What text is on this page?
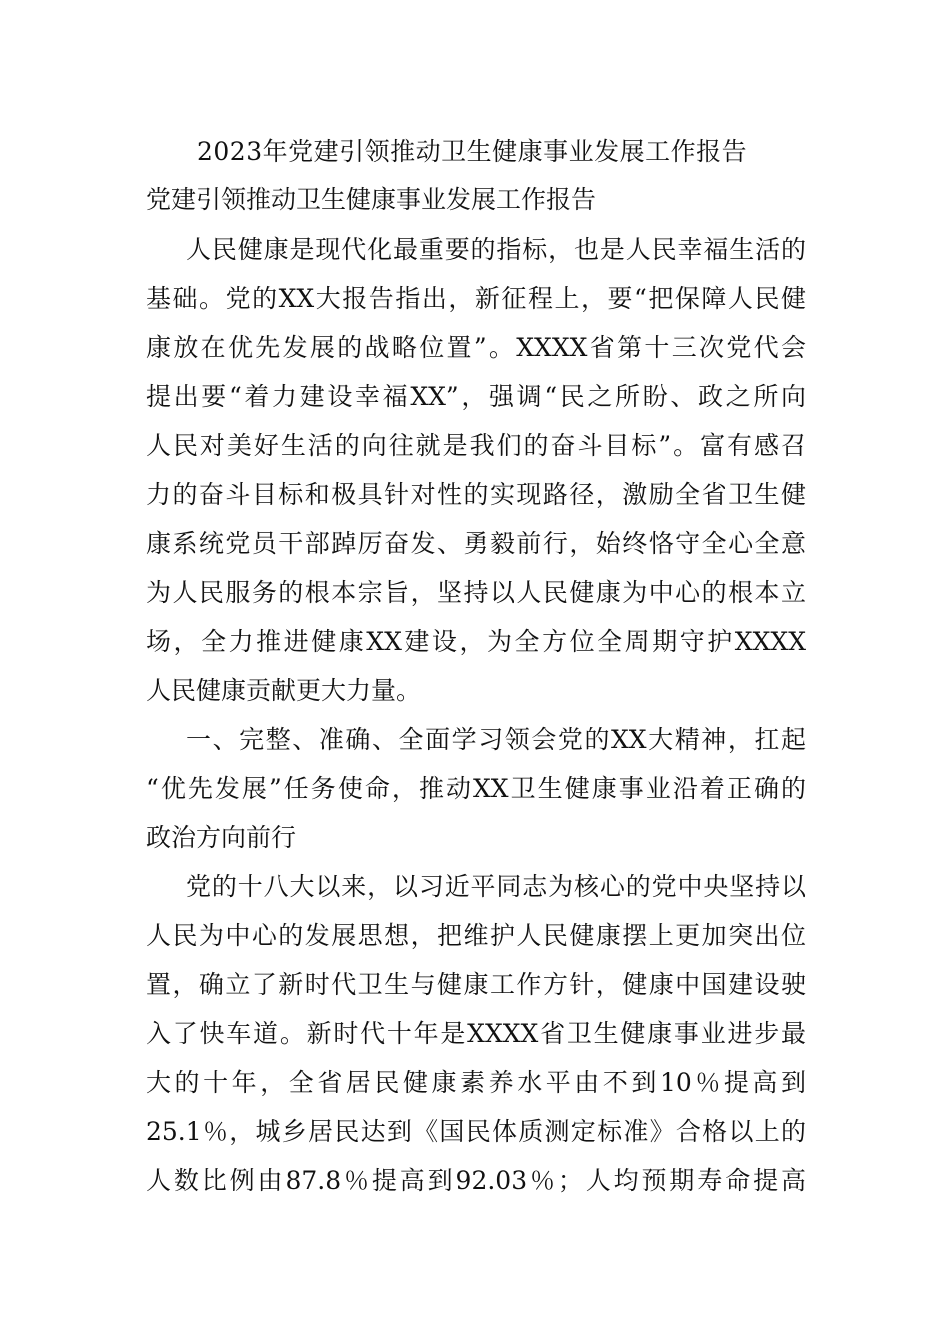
2023年党建引领推动卫生健康事业发展工作报告
党建引领推动卫生健康事业发展工作报告
人民健康是现代化最重要的指标，也是人民幸福生活的
基础。党的XX大报告指出，新征程上，要“把保障人民健
康放在优先发展的战略位置”。XXXX省第十三次党代会
提出要“着力建设幸福XX”，强调“民之所盼、政之所向
人民对美好生活的向往就是我们的奋斗目标”。富有感召
力的奋斗目标和极具针对性的实现路径，激励全省卫生健
康系统党员干部踔厉奋发、勇毅前行，始终恪守全心全意
为人民服务的根本宗旨，坚持以人民健康为中心的根本立
场，全力推进健康XX建设，为全方位全周期守护XXXX
人民健康贡献更大力量。
一、完整、准确、全面学习领会党的XX大精神，扛起
“优先发展”任务使命，推动XX卫生健康事业沿着正确的
政治方向前行
党的十八大以来，以习近平同志为核心的党中央坚持以
人民为中心的发展思想，把维护人民健康摆上更加突出位
置，确立了新时代卫生与健康工作方针，健康中国建设驶
入了快车道。新时代十年是XXXX省卫生健康事业进步最
大的十年，全省居民健康素养水平由不到10％提高到
25.1％，城乡居民达到《国民体质测定标准》合格以上的
人数比例由87.8％提高到92.03％；人均预期寿命提高
